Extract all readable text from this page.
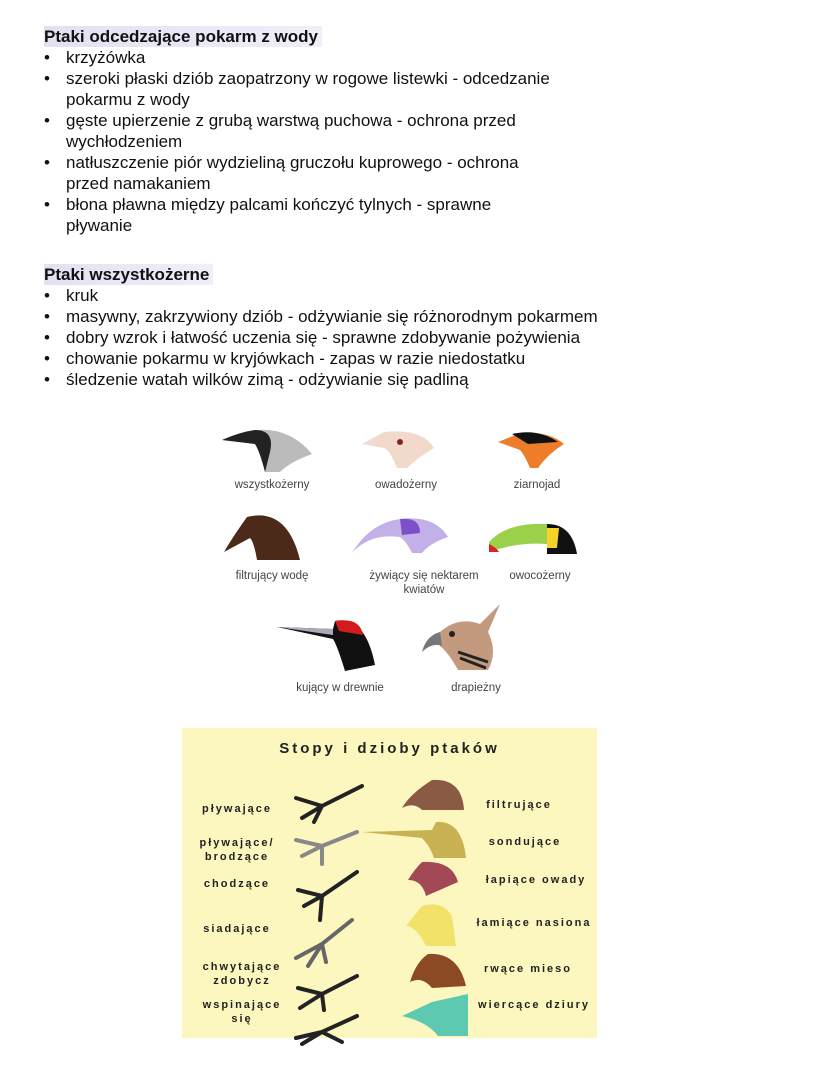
Ptaki odcedzające pokarm z wody
• krzyżówka
• szeroki płaski dziób zaopatrzony w rogowe listewki - odcedzanie pokarmu z wody
• gęste upierzenie z grubą warstwą puchowa - ochrona przed wychłodzeniem
• natłuszczenie piór wydzieliną gruczołu kuprowego - ochrona przed namakaniem
• błona pławna między palcami kończyć tylnych - sprawne pływanie
Ptaki wszystkożerne
• kruk
• masywny, zakrzywiony dziób - odżywianie się różnorodnym pokarmem
• dobry wzrok i łatwość uczenia się - sprawne zdobywanie pożywienia
• chowanie pokarmu w kryjówkach - zapas w razie niedostatku
• śledzenie watah wilków zimą - odżywianie się padliną
wszystkożerny	owadożerny	ziarnojad
filtrujący wodę	żywiący się nektarem kwiatów
owocożerny
kujący w drewnie	drapieżny
Stopy i dzioby ptaków
pływające
pływające/ brodzące
chodzące
siadające
chwytające zdobycz
wspinające się
filtrujące
sondujące
łapiące owady
łamiące nasiona
rwące mieso
wiercące dziury
